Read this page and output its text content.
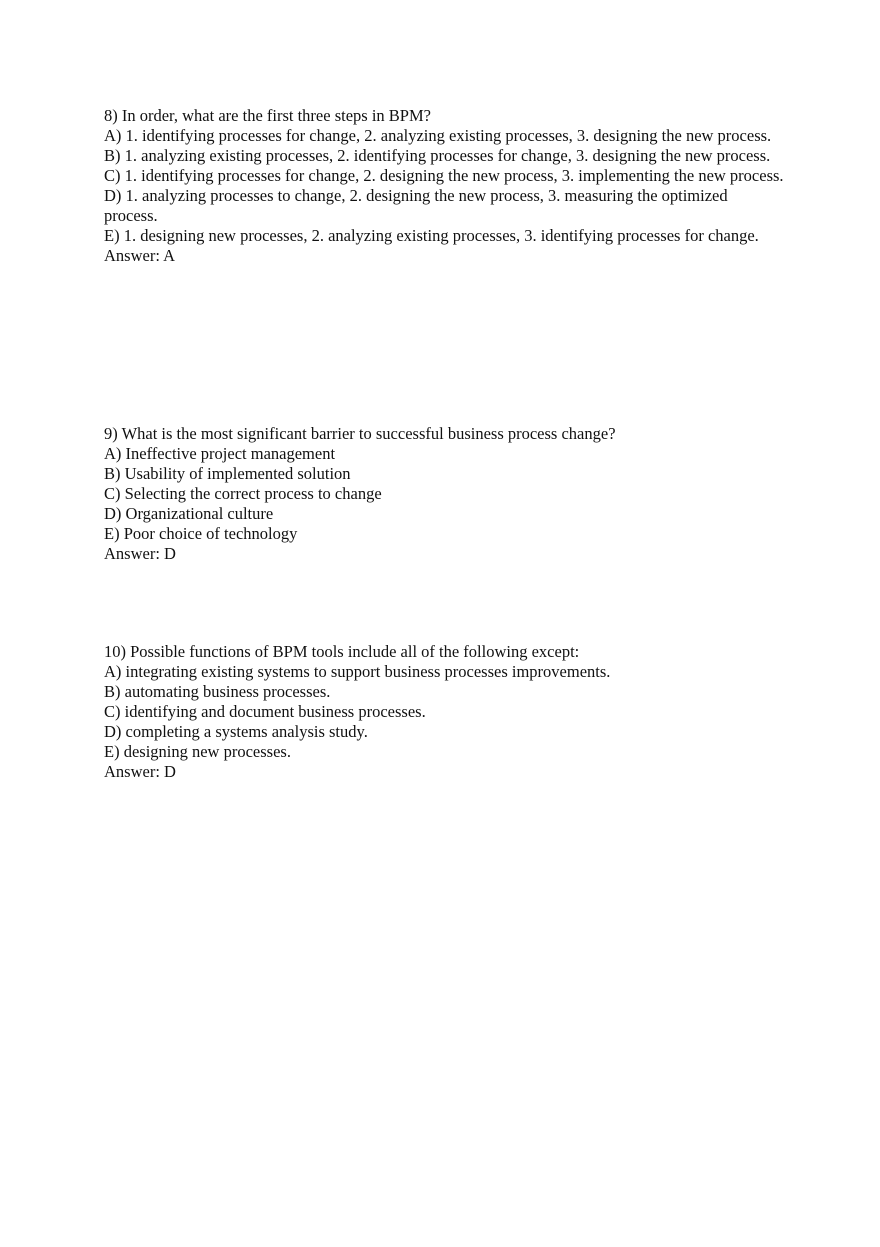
8) In order, what are the first three steps in BPM?

A) 1. identifying processes for change, 2. analyzing existing processes, 3. designing the new process.

B) 1. analyzing existing processes, 2. identifying processes for change, 3. designing the new process.

C) 1. identifying processes for change, 2. designing the new process, 3. implementing the new process.

D) 1. analyzing processes to change, 2. designing the new process, 3. measuring the optimized process.

E) 1. designing new processes, 2. analyzing existing processes, 3. identifying processes for change.

Answer: A

9) What is the most significant barrier to successful business process change?

A) Ineffective project management

B) Usability of implemented solution

C) Selecting the correct process to change

D) Organizational culture

E) Poor choice of technology

Answer: D

10) Possible functions of BPM tools include all of the following except:

A) integrating existing systems to support business processes improvements.

B) automating business processes.

C) identifying and document business processes.

D) completing a systems analysis study.

E) designing new processes.

Answer: D
